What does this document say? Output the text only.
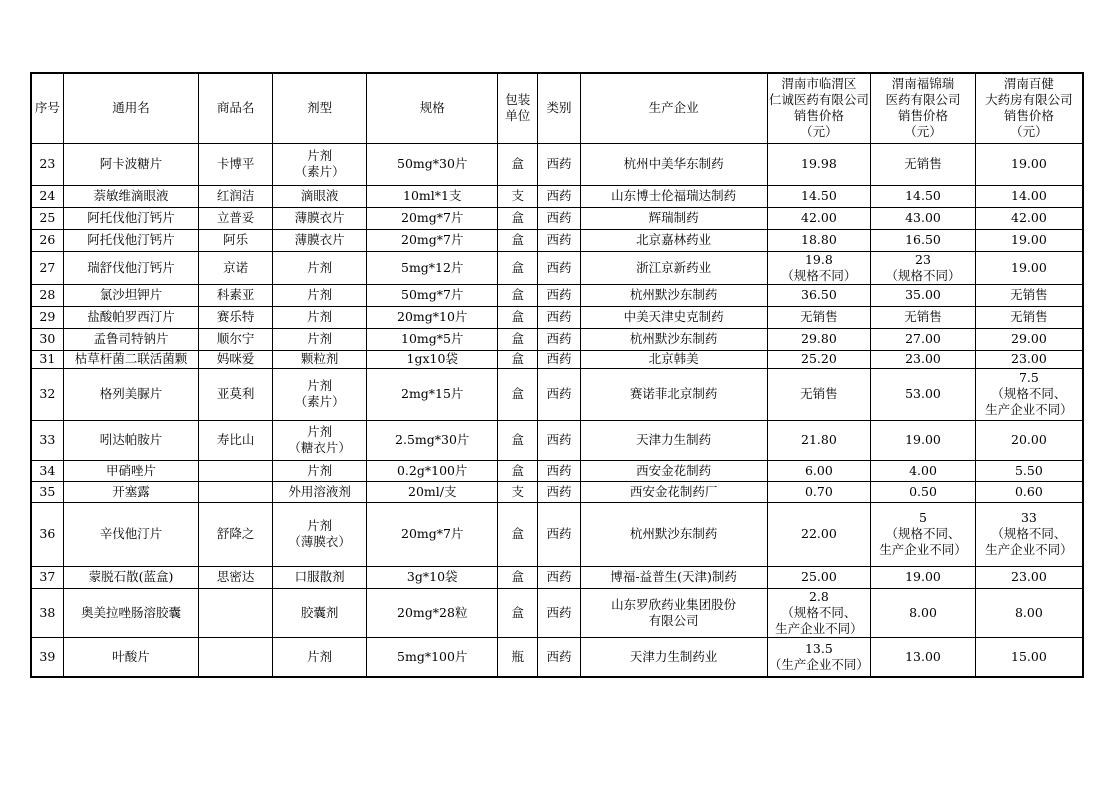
序号	通用名	商品名	剂型	规格	包装
单位	类别	生产企业	渭南市临渭区
仁诚医药有限公司
销售价格
（元）	渭南福锦瑞
医药有限公司
销售价格
（元）	渭南百健
大药房有限公司
销售价格
（元）

23	阿卡波糖片	卡博平	片剂
（素片）	50mg*30片	盒	西药	杭州中美华东制药	19.98	无销售	19.00

24	萘敏维滴眼液	红润洁	滴眼液	10ml*1支	支	西药	山东博士伦福瑞达制药	14.50	14.50	14.00

25	阿托伐他汀钙片	立普妥	薄膜衣片	20mg*7片	盒	西药	辉瑞制药	42.00	43.00	42.00

26	阿托伐他汀钙片	阿乐	薄膜衣片	20mg*7片	盒	西药	北京嘉林药业	18.80	16.50	19.00

27	瑞舒伐他汀钙片	京诺	片剂	5mg*12片	盒	西药	浙江京新药业	19.8
（规格不同）	23
（规格不同）	19.00

28	氯沙坦钾片	科素亚	片剂	50mg*7片	盒	西药	杭州默沙东制药	36.50	35.00	无销售

29	盐酸帕罗西汀片	赛乐特	片剂	20mg*10片	盒	西药	中美天津史克制药	无销售	无销售	无销售

30	孟鲁司特钠片	顺尔宁	片剂	10mg*5片	盒	西药	杭州默沙东制药	29.80	27.00	29.00

31	枯草杆菌二联活菌颗	妈咪爱	颗粒剂	1gx10袋	盒	西药	北京韩美	25.20	23.00	23.00

32	格列美脲片	亚莫利	片剂
（素片）	2mg*15片	盒	西药	赛诺菲北京制药	无销售	53.00	7.5
（规格不同、
生产企业不同）

33	吲达帕胺片	寿比山	片剂
（糖衣片）	2.5mg*30片	盒	西药	天津力生制药	21.80	19.00	20.00

34	甲硝唑片		片剂	0.2g*100片	盒	西药	西安金花制药	6.00	4.00	5.50

35	开塞露		外用溶液剂	20ml/支	支	西药	西安金花制药厂	0.70	0.50	0.60

36	辛伐他汀片	舒降之	片剂
（薄膜衣）	20mg*7片	盒	西药	杭州默沙东制药	22.00	5
（规格不同、
生产企业不同）	33
（规格不同、
生产企业不同）

37	蒙脱石散(蓝盒)	思密达	口服散剂	3g*10袋	盒	西药	博福-益普生(天津)制药	25.00	19.00	23.00

38	奥美拉唑肠溶胶囊		胶囊剂	20mg*28粒	盒	西药	山东罗欣药业集团股份
有限公司	2.8
（规格不同、
生产企业不同）	8.00	8.00

39	叶酸片		片剂	5mg*100片	瓶	西药	天津力生制药业	13.5
（生产企业不同）	13.00	15.00
